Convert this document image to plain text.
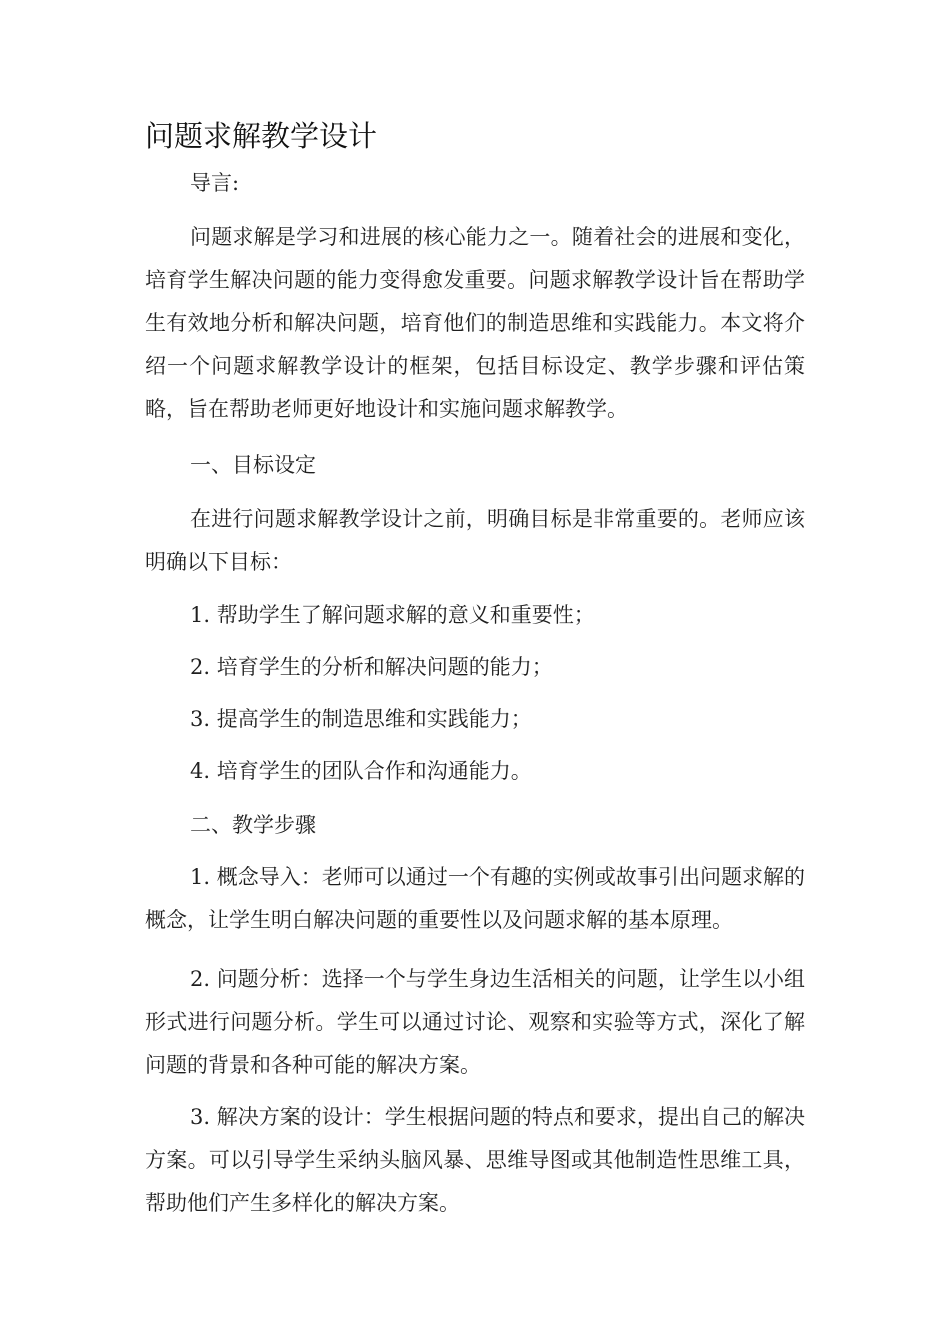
问题求解教学设计

导言:

问题求解是学习和进展的核心能力之一。随着社会的进展和变化，培育学生解决问题的能力变得愈发重要。问题求解教学设计旨在帮助学生有效地分析和解决问题，培育他们的制造思维和实践能力。本文将介绍一个问题求解教学设计的框架，包括目标设定、教学步骤和评估策略，旨在帮助老师更好地设计和实施问题求解教学。

一、目标设定

在进行问题求解教学设计之前，明确目标是非常重要的。老师应该明确以下目标：

1. 帮助学生了解问题求解的意义和重要性；

2. 培育学生的分析和解决问题的能力；

3. 提高学生的制造思维和实践能力；

4. 培育学生的团队合作和沟通能力。

二、教学步骤

1. 概念导入：老师可以通过一个有趣的实例或故事引出问题求解的概念，让学生明白解决问题的重要性以及问题求解的基本原理。

2. 问题分析：选择一个与学生身边生活相关的问题，让学生以小组形式进行问题分析。学生可以通过讨论、观察和实验等方式，深化了解问题的背景和各种可能的解决方案。

3. 解决方案的设计：学生根据问题的特点和要求，提出自己的解决方案。可以引导学生采纳头脑风暴、思维导图或其他制造性思维工具，帮助他们产生多样化的解决方案。
